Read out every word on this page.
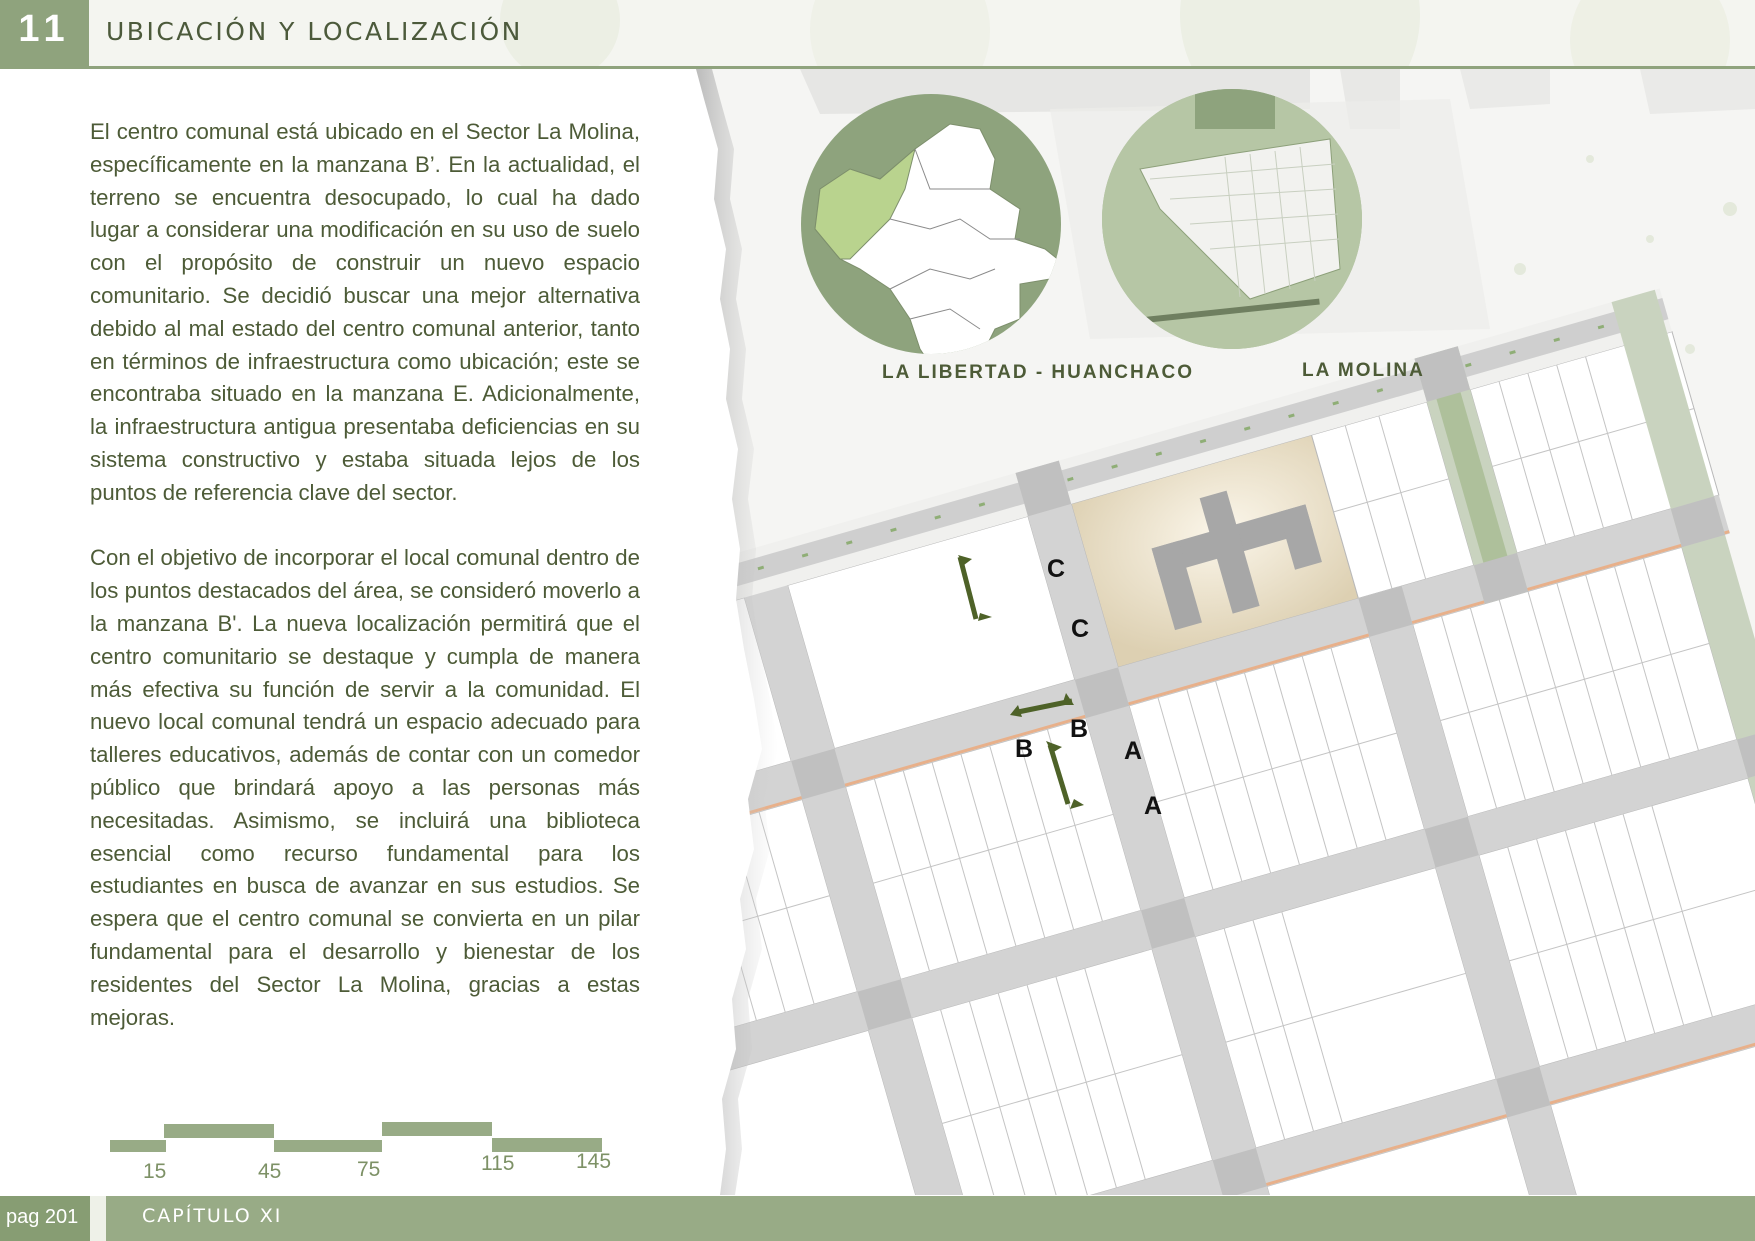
11	UBICACIÓN Y LOCALIZACIÓN

El centro comunal está ubicado en el Sector La Molina, específicamente en la manzana B’. En la actualidad, el terreno se encuentra desocupado, lo cual ha dado lugar a considerar una modificación en su uso de suelo con el propósito de construir un nuevo espacio comunitario. Se decidió buscar una mejor alternativa debido al mal estado del centro comunal anterior, tanto en términos de infraestructura como ubicación; este se encontraba situado en la manzana E. Adicionalmente, la infraestructura antigua presentaba deficiencias en su sistema constructivo y estaba situada lejos de los puntos de referencia clave del sector.

Con el objetivo de incorporar el local comunal dentro de los puntos destacados del área, se consideró moverlo a la manzana B'. La nueva localización permitirá que el centro comunitario se destaque y cumpla de manera más efectiva su función de servir a la comunidad. El nuevo local comunal tendrá un espacio adecuado para talleres educativos, además de contar con un comedor público que brindará apoyo a las personas más necesitadas. Asimismo, se incluirá una biblioteca esencial como recurso fundamental para los estudiantes en busca de avanzar en sus estudios. Se espera que el centro comunal se convierta en un pilar fundamental para el desarrollo y bienestar de los residentes del Sector La Molina, gracias a estas mejoras.

15	45	75	115	145
LA LIBERTAD - HUANCHACO	LA MOLINA
C
C
B
B
A
A
pag 201	CAPÍTULO XI
